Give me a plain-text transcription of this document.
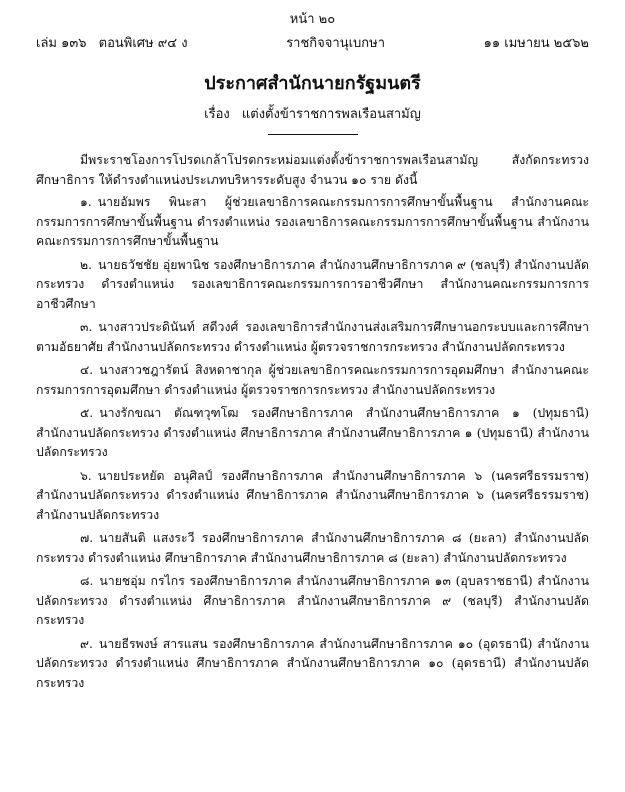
หน้า ๒๐
เล่ม ๑๓๖ ตอนพิเศษ ๙๔ ง	ราชกิจจานุเบกษา	๑๑ เมษายน ๒๕๖๒
ประกาศสำนักนายกรัฐมนตรี
เรื่อง แต่งตั้งข้าราชการพลเรือนสามัญ

มีพระราชโองการโปรดเกล้าโปรดกระหม่อมแต่งตั้งข้าราชการพลเรือนสามัญ สังกัดกระทรวงศึกษาธิการ ให้ดำรงตำแหน่งประเภทบริหารระดับสูง จำนวน ๑๐ ราย ดังนี้

๑. นายอัมพร พินะสา ผู้ช่วยเลขาธิการคณะกรรมการการศึกษาขั้นพื้นฐาน สำนักงานคณะกรรมการการศึกษาขั้นพื้นฐาน ดำรงตำแหน่ง รองเลขาธิการคณะกรรมการการศึกษาขั้นพื้นฐาน สำนักงานคณะกรรมการการศึกษาขั้นพื้นฐาน

๒. นายธวัชชัย อุ่ยพานิช รองศึกษาธิการภาค สำนักงานศึกษาธิการภาค ๙ (ชลบุรี) สำนักงานปลัดกระทรวง ดำรงตำแหน่ง รองเลขาธิการคณะกรรมการการอาชีวศึกษา สำนักงานคณะกรรมการการอาชีวศึกษา

๓. นางสาวประดินันท์ สดีวงศ์ รองเลขาธิการสำนักงานส่งเสริมการศึกษานอกระบบและการศึกษาตามอัธยาศัย สำนักงานปลัดกระทรวง ดำรงตำแหน่ง ผู้ตรวจราชการกระทรวง สำนักงานปลัดกระทรวง

๔. นางสาวชฎารัตน์ สิงหดาชากุล ผู้ช่วยเลขาธิการคณะกรรมการการอุดมศึกษา สำนักงานคณะกรรมการการอุดมศึกษา ดำรงตำแหน่ง ผู้ตรวจราชการกระทรวง สำนักงานปลัดกระทรวง

๕. นางรักขณา ตัณฑวุฑโฒ รองศึกษาธิการภาค สำนักงานศึกษาธิการภาค ๑ (ปทุมธานี) สำนักงานปลัดกระทรวง ดำรงตำแหน่ง ศึกษาธิการภาค สำนักงานศึกษาธิการภาค ๑ (ปทุมธานี) สำนักงานปลัดกระทรวง

๖. นายประหยัด อนุศิลป์ รองศึกษาธิการภาค สำนักงานศึกษาธิการภาค ๖ (นครศรีธรรมราช) สำนักงานปลัดกระทรวง ดำรงตำแหน่ง ศึกษาธิการภาค สำนักงานศึกษาธิการภาค ๖ (นครศรีธรรมราช) สำนักงานปลัดกระทรวง

๗. นายสันติ แสงระวี รองศึกษาธิการภาค สำนักงานศึกษาธิการภาค ๘ (ยะลา) สำนักงานปลัดกระทรวง ดำรงตำแหน่ง ศึกษาธิการภาค สำนักงานศึกษาธิการภาค ๘ (ยะลา) สำนักงานปลัดกระทรวง

๘. นายชอุ่ม กรไกร รองศึกษาธิการภาค สำนักงานศึกษาธิการภาค ๑๓ (อุบลราชธานี) สำนักงานปลัดกระทรวง ดำรงตำแหน่ง ศึกษาธิการภาค สำนักงานศึกษาธิการภาค ๙ (ชลบุรี) สำนักงานปลัดกระทรวง

๙. นายธีรพงษ์ สารแสน รองศึกษาธิการภาค สำนักงานศึกษาธิการภาค ๑๐ (อุดรธานี) สำนักงานปลัดกระทรวง ดำรงตำแหน่ง ศึกษาธิการภาค สำนักงานศึกษาธิการภาค ๑๐ (อุดรธานี) สำนักงานปลัดกระทรวง
